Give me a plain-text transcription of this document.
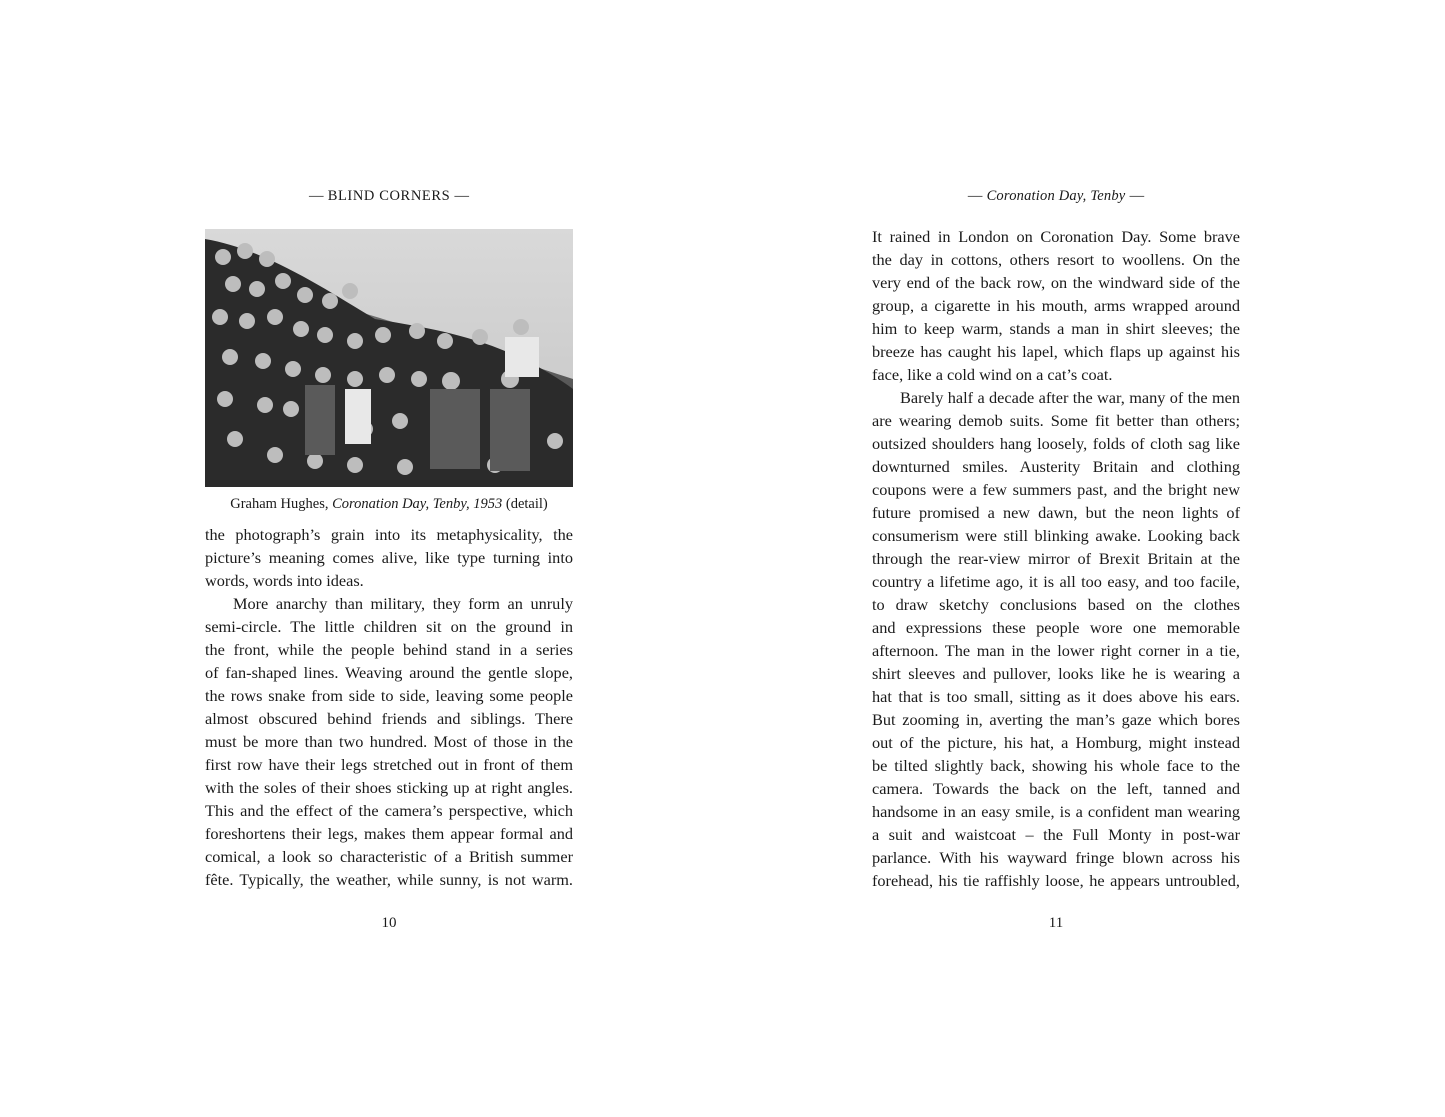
— BLIND CORNERS —
Graham Hughes, Coronation Day, Tenby, 1953 (detail)
the photograph’s grain into its metaphysicality, the
picture’s meaning comes alive, like type turning into
words, words into ideas.
More anarchy than military, they form an unruly
semi-circle. The little children sit on the ground in
the front, while the people behind stand in a series
of fan-shaped lines. Weaving around the gentle slope,
the rows snake from side to side, leaving some people
almost obscured behind friends and siblings. There
must be more than two hundred. Most of those in the
first row have their legs stretched out in front of them
with the soles of their shoes sticking up at right angles.
This and the effect of the camera’s perspective, which
foreshortens their legs, makes them appear formal and
comical, a look so characteristic of a British summer
fête. Typically, the weather, while sunny, is not warm.
10
— Coronation Day, Tenby —
It rained in London on Coronation Day. Some brave
the day in cottons, others resort to woollens. On the
very end of the back row, on the windward side of the
group, a cigarette in his mouth, arms wrapped around
him to keep warm, stands a man in shirt sleeves; the
breeze has caught his lapel, which flaps up against his
face, like a cold wind on a cat’s coat.
Barely half a decade after the war, many of the men
are wearing demob suits. Some fit better than others;
outsized shoulders hang loosely, folds of cloth sag like
downturned smiles. Austerity Britain and clothing
coupons were a few summers past, and the bright new
future promised a new dawn, but the neon lights of
consumerism were still blinking awake. Looking back
through the rear-view mirror of Brexit Britain at the
country a lifetime ago, it is all too easy, and too facile,
to draw sketchy conclusions based on the clothes
and expressions these people wore one memorable
afternoon. The man in the lower right corner in a tie,
shirt sleeves and pullover, looks like he is wearing a
hat that is too small, sitting as it does above his ears.
But zooming in, averting the man’s gaze which bores
out of the picture, his hat, a Homburg, might instead
be tilted slightly back, showing his whole face to the
camera. Towards the back on the left, tanned and
handsome in an easy smile, is a confident man wearing
a suit and waistcoat – the Full Monty in post-war
parlance. With his wayward fringe blown across his
forehead, his tie raffishly loose, he appears untroubled,
11
